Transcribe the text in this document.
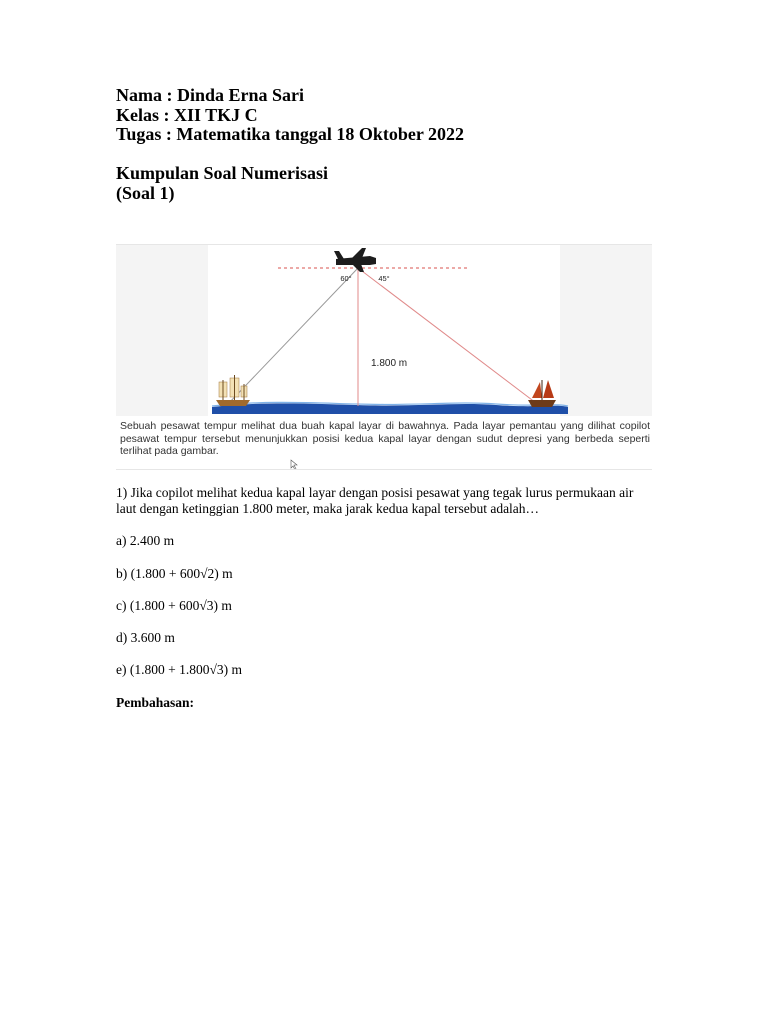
Nama : Dinda Erna Sari
Kelas : XII TKJ C
Tugas : Matematika tanggal 18 Oktober 2022
Kumpulan Soal Numerisasi
(Soal 1)
60°	45°
1.800 m
Sebuah pesawat tempur melihat dua buah kapal layar di bawahnya. Pada layar pemantau yang dilihat copilot pesawat tempur tersebut menunjukkan posisi kedua kapal layar dengan sudut depresi yang berbeda seperti terlihat pada gambar.
1) Jika copilot melihat kedua kapal layar dengan posisi pesawat yang tegak lurus permukaan air laut dengan ketinggian 1.800 meter, maka jarak kedua kapal tersebut adalah…
a) 2.400 m
b) (1.800 + 600√2) m
c) (1.800 + 600√3) m
d) 3.600 m
e) (1.800 + 1.800√3) m
Pembahasan:
